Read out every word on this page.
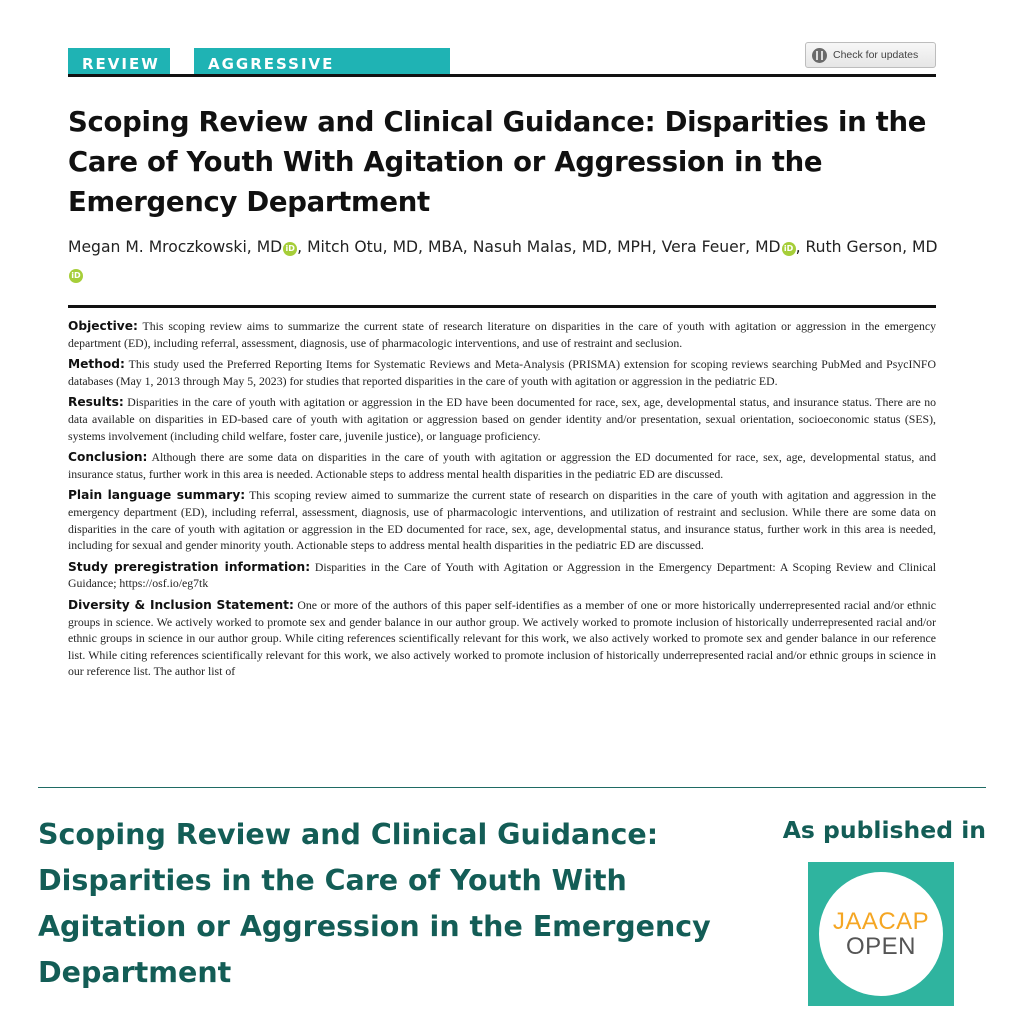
REVIEW	AGGRESSIVE BEHAVIOR
Check for updates
Scoping Review and Clinical Guidance: Disparities in the Care of Youth With Agitation or Aggression in the Emergency Department
Megan M. Mroczkowski, MD iD , Mitch Otu, MD, MBA, Nasuh Malas, MD, MPH, Vera Feuer, MD iD , Ruth Gerson, MDiD

Objective: This scoping review aims to summarize the current state of research literature on disparities in the care of youth with agitation or aggression in the emergency department (ED), including referral, assessment, diagnosis, use of pharmacologic interventions, and use of restraint and seclusion.

Method: This study used the Preferred Reporting Items for Systematic Reviews and Meta-Analysis (PRISMA) extension for scoping reviews searching PubMed and PsycINFO databases (May 1, 2013 through May 5, 2023) for studies that reported disparities in the care of youth with agitation or aggression in the pediatric ED.

Results: Disparities in the care of youth with agitation or aggression in the ED have been documented for race, sex, age, developmental status, and insurance status. There are no data available on disparities in ED-based care of youth with agitation or aggression based on gender identity and/or presentation, sexual orientation, socioeconomic status (SES), systems involvement (including child welfare, foster care, juvenile justice), or language proficiency.

Conclusion: Although there are some data on disparities in the care of youth with agitation or aggression the ED documented for race, sex, age, developmental status, and insurance status, further work in this area is needed. Actionable steps to address mental health disparities in the pediatric ED are discussed.

Plain language summary: This scoping review aimed to summarize the current state of research on disparities in the care of youth with agitation and aggression in the emergency department (ED), including referral, assessment, diagnosis, use of pharmacologic interventions, and utilization of restraint and seclusion. While there are some data on disparities in the care of youth with agitation or aggression in the ED documented for race, sex, age, developmental status, and insurance status, further work in this area is needed, including for sexual and gender minority youth. Actionable steps to address mental health disparities in the pediatric ED are discussed.

Study preregistration information: Disparities in the Care of Youth with Agitation or Aggression in the Emergency Department: A Scoping Review and Clinical Guidance; https://osf.io/eg7tk

Diversity & Inclusion Statement: One or more of the authors of this paper self-identifies as a member of one or more historically underrepresented racial and/or ethnic groups in science. We actively worked to promote sex and gender balance in our author group. We actively worked to promote inclusion of historically underrepresented racial and/or ethnic groups in science in our author group. While citing references scientifically relevant for this work, we also actively worked to promote sex and gender balance in our reference list. While citing references scientifically relevant for this work, we also actively worked to promote inclusion of historically underrepresented racial and/or ethnic groups in science in our reference list. The author list of

Scoping Review and Clinical Guidance: Disparities in the Care of Youth With Agitation or Aggression in the Emergency Department
As published in
JAACAP
OPEN
